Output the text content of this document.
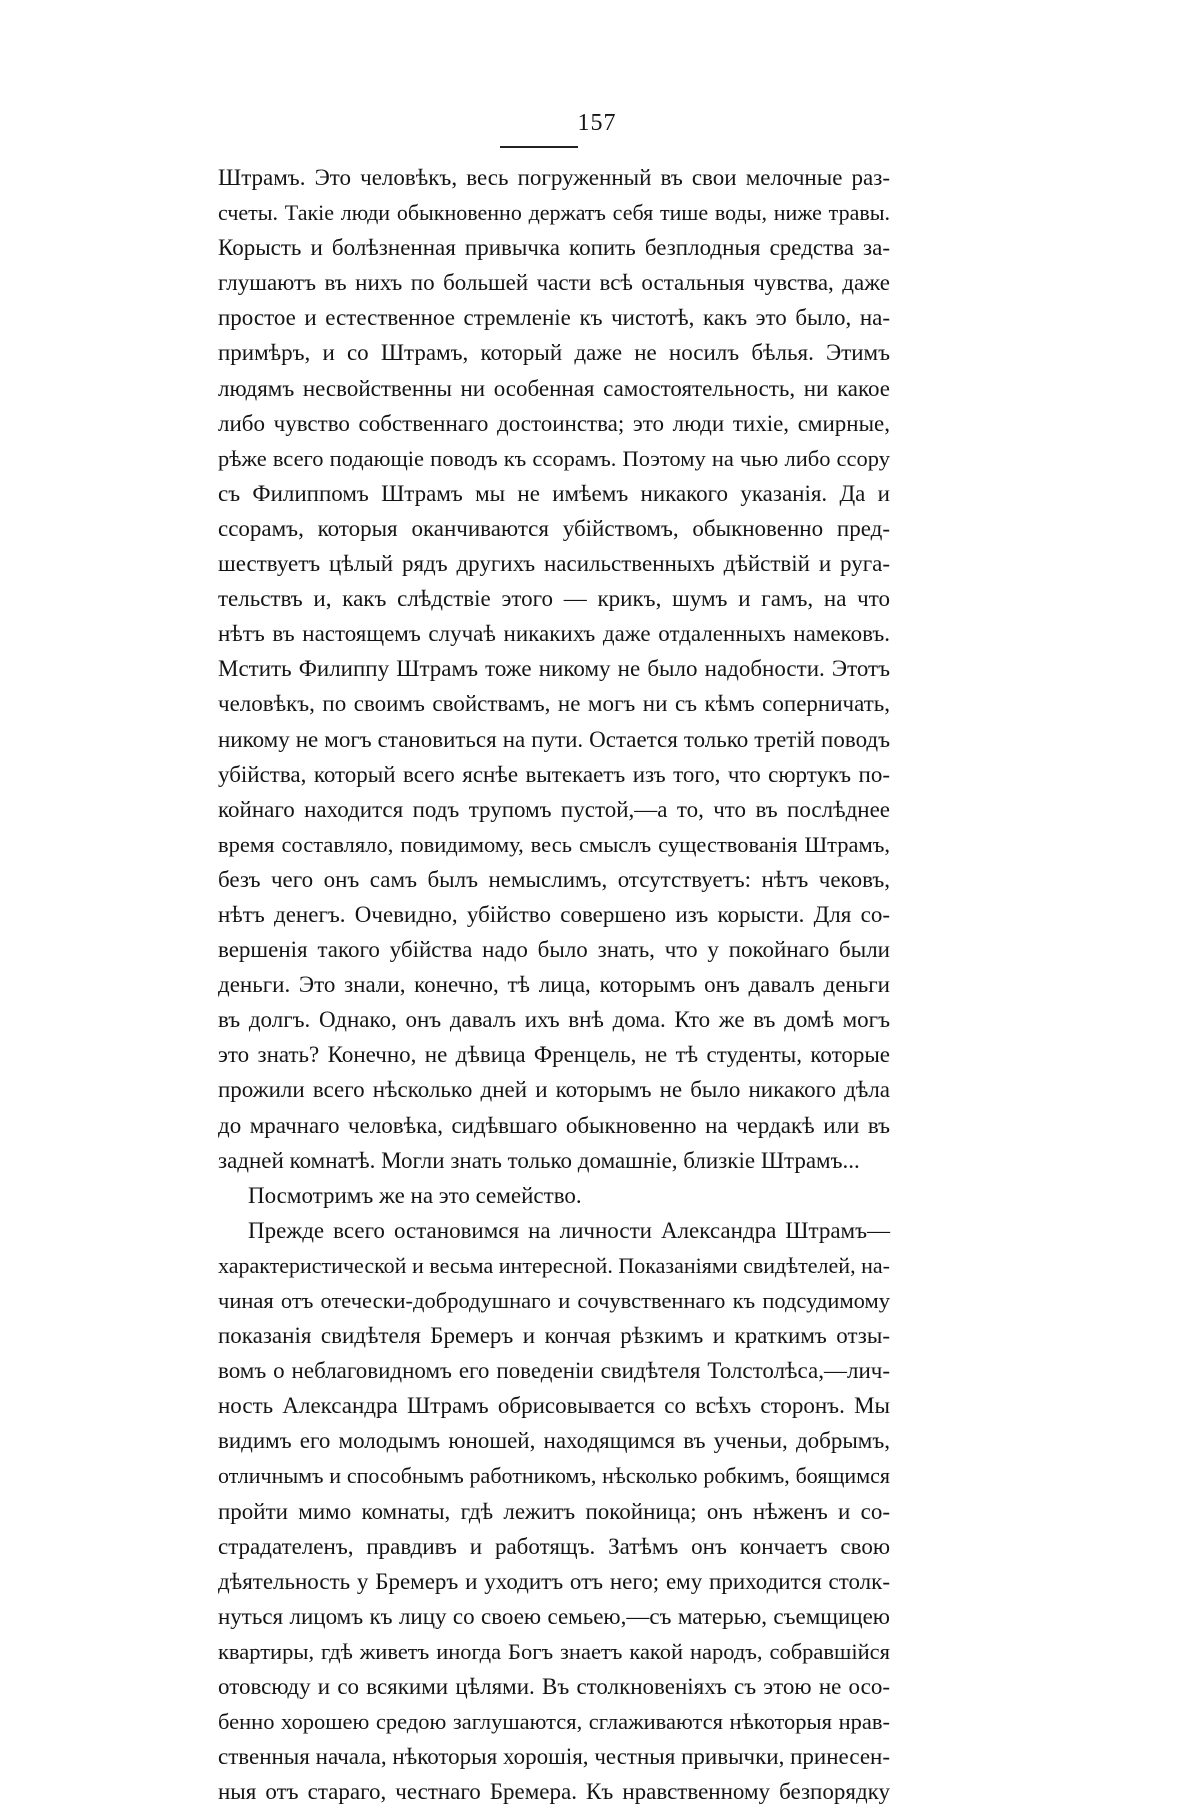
157
Штрамъ. Это человѣкъ, весь погруженный въ свои мелочные раз-
счеты. Такіе люди обыкновенно держатъ себя тише воды, ниже травы.
Корысть и болѣзненная привычка копить безплодныя средства за-
глушаютъ въ нихъ по большей части всѣ остальныя чувства, даже
простое и естественное стремленіе къ чистотѣ, какъ это было, на-
примѣръ, и со Штрамъ, который даже не носилъ бѣлья. Этимъ
людямъ несвойственны ни особенная самостоятельность, ни какое
либо чувство собственнаго достоинства; это люди тихіе, смирные,
рѣже всего подающіе поводъ къ ссорамъ. Поэтому на чью либо ссору
съ Филиппомъ Штрамъ мы не имѣемъ никакого указанія. Да и
ссорамъ, которыя оканчиваются убійствомъ, обыкновенно пред-
шествуетъ цѣлый рядъ другихъ насильственныхъ дѣйствій и руга-
тельствъ и, какъ слѣдствіе этого — крикъ, шумъ и гамъ, на что
нѣтъ въ настоящемъ случаѣ никакихъ даже отдаленныхъ намековъ.
Мстить Филиппу Штрамъ тоже никому не было надобности. Этотъ
человѣкъ, по своимъ свойствамъ, не могъ ни съ кѣмъ соперничать,
никому не могъ становиться на пути. Остается только третій поводъ
убійства, который всего яснѣе вытекаетъ изъ того, что сюртукъ по-
койнаго находится подъ трупомъ пустой,—а то, что въ послѣднее
время составляло, повидимому, весь смыслъ существованія Штрамъ,
безъ чего онъ самъ былъ немыслимъ, отсутствуетъ: нѣтъ чековъ,
нѣтъ денегъ. Очевидно, убійство совершено изъ корысти. Для со-
вершенія такого убійства надо было знать, что у покойнаго были
деньги. Это знали, конечно, тѣ лица, которымъ онъ давалъ деньги
въ долгъ. Однако, онъ давалъ ихъ внѣ дома. Кто же въ домѣ могъ
это знать? Конечно, не дѣвица Френцель, не тѣ студенты, которые
прожили всего нѣсколько дней и которымъ не было никакого дѣла
до мрачнаго человѣка, сидѣвшаго обыкновенно на чердакѣ или въ
задней комнатѣ. Могли знать только домашніе, близкіе Штрамъ...
Посмотримъ же на это семейство.
Прежде всего остановимся на личности Александра Штрамъ—
характеристической и весьма интересной. Показаніями свидѣтелей, на-
чиная отъ отечески-добродушнаго и сочувственнаго къ подсудимому
показанія свидѣтеля Бремеръ и кончая рѣзкимъ и краткимъ отзы-
вомъ о неблаговидномъ его поведеніи свидѣтеля Толстолѣса,—лич-
ность Александра Штрамъ обрисовывается со всѣхъ сторонъ. Мы
видимъ его молодымъ юношей, находящимся въ ученьи, добрымъ,
отличнымъ и способнымъ работникомъ, нѣсколько робкимъ, боящимся
пройти мимо комнаты, гдѣ лежитъ покойница; онъ нѣженъ и со-
страдателенъ, правдивъ и работящъ. Затѣмъ онъ кончаетъ свою
дѣятельность у Бремеръ и уходитъ отъ него; ему приходится столк-
нуться лицомъ къ лицу со своею семьею,—съ матерью, съемщицею
квартиры, гдѣ живетъ иногда Богъ знаетъ какой народъ, собравшійся
отовсюду и со всякими цѣлями. Въ столкновеніяхъ съ этою не осо-
бенно хорошею средою заглушаются, сглаживаются нѣкоторыя нрав-
ственныя начала, нѣкоторыя хорошія, честныя привычки, принесен-
ныя отъ стараго, честнаго Бремера. Къ нравственному безпорядку
